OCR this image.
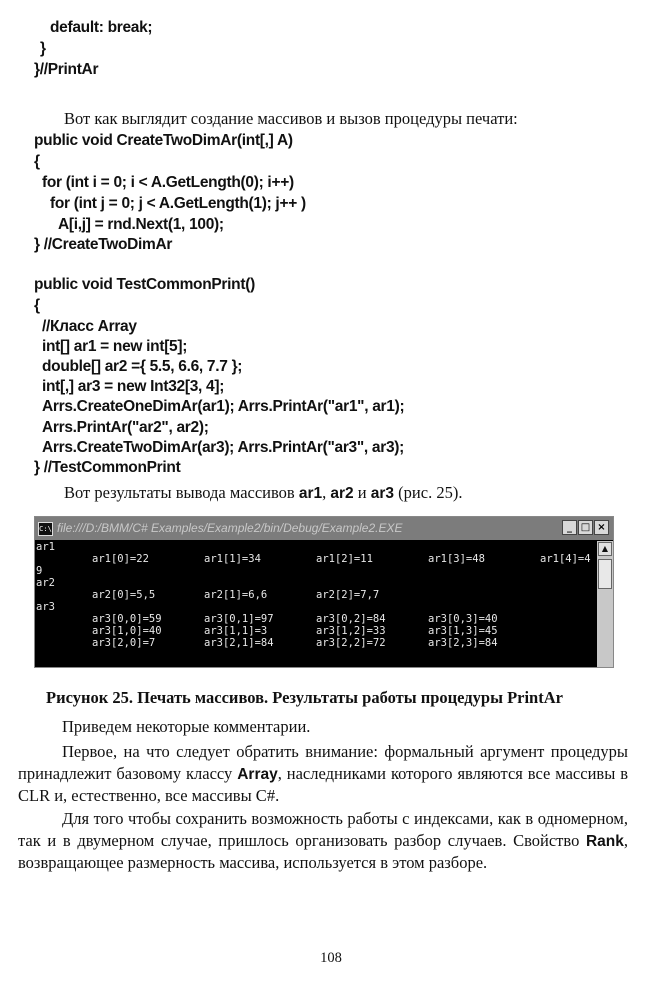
default: break;
}
}//PrintAr
Вот как выглядит создание массивов и вызов процедуры печати:
public void CreateTwoDimAr(int[,] A)
{
for (int i = 0; i < A.GetLength(0); i++)
for (int j = 0; j < A.GetLength(1); j++ )
A[i,j] = rnd.Next(1, 100);
} //CreateTwoDimAr
public void TestCommonPrint()
{
//Класс Array
int[] ar1 = new int[5];
double[] ar2 ={ 5.5, 6.6, 7.7 };
int[,] ar3 = new Int32[3, 4];
Arrs.CreateOneDimAr(ar1); Arrs.PrintAr("ar1", ar1);
Arrs.PrintAr("ar2", ar2);
Arrs.CreateTwoDimAr(ar3); Arrs.PrintAr("ar3", ar3);
} //TestCommonPrint
Вот результаты вывода массивов ar1, ar2 и ar3 (рис. 25).
C:\ file:///D:/BMM/C# Examples/Example2/bin/Debug/Example2.EXE	_ □ ×
ar1
ar1[0]=22	ar1[1]=34	ar1[2]=11	ar1[3]=48	ar1[4]=4
9
ar2
ar2[0]=5,5	ar2[1]=6,6	ar2[2]=7,7
ar3
ar3[0,0]=59	ar3[0,1]=97	ar3[0,2]=84	ar3[0,3]=40
ar3[1,0]=40	ar3[1,1]=3	ar3[1,2]=33	ar3[1,3]=45
ar3[2,0]=7	ar3[2,1]=84	ar3[2,2]=72	ar3[2,3]=84
▲
Рисунок 25. Печать массивов. Результаты работы процедуры PrintAr
Приведем некоторые комментарии.
Первое, на что следует обратить внимание: формальный аргумент процедуры принадлежит базовому классу Array, наследниками которого являются все массивы в CLR и, естественно, все массивы C#.
Для того чтобы сохранить возможность работы с индексами, как в одномерном, так и в двумерном случае, пришлось организовать разбор случаев. Свойство Rank, возвращающее размерность массива, используется в этом разборе.
108
